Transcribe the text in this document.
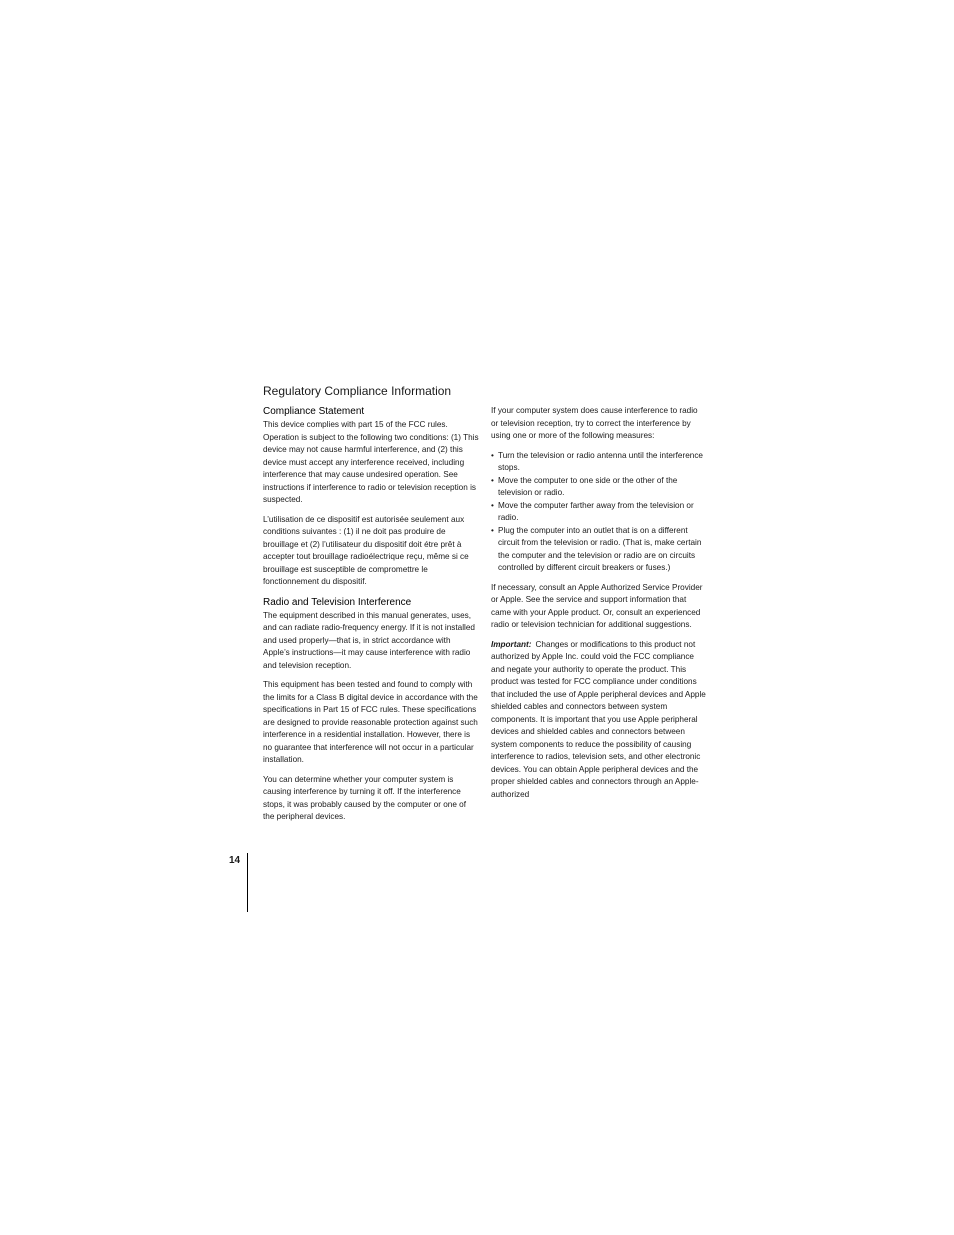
Regulatory Compliance Information
Compliance Statement

This device complies with part 15 of the FCC rules. Operation is subject to the following two conditions: (1) This device may not cause harmful interference, and (2) this device must accept any interference received, including interference that may cause undesired operation. See instructions if interference to radio or television reception is suspected.

L’utilisation de ce dispositif est autorisée seulement aux conditions suivantes : (1) il ne doit pas produire de brouillage et (2) l’utilisateur du dispositif doit étre prêt à accepter tout brouillage radioélectrique reçu, même si ce brouillage est susceptible de compromettre le fonctionnement du dispositif.

Radio and Television Interference

The equipment described in this manual generates, uses, and can radiate radio-frequency energy. If it is not installed and used properly—that is, in strict accordance with Apple’s instructions—it may cause interference with radio and television reception.

This equipment has been tested and found to comply with the limits for a Class B digital device in accordance with the specifications in Part 15 of FCC rules. These specifications are designed to provide reasonable protection against such interference in a residential installation. However, there is no guarantee that interference will not occur in a particular installation.

You can determine whether your computer system is causing interference by turning it off. If the interference stops, it was probably caused by the computer or one of the peripheral devices.

If your computer system does cause interference to radio or television reception, try to correct the interference by using one or more of the following measures:

• Turn the television or radio antenna until the interference stops.
• Move the computer to one side or the other of the television or radio.
• Move the computer farther away from the television or radio.
• Plug the computer into an outlet that is on a different circuit from the television or radio. (That is, make certain the computer and the television or radio are on circuits controlled by different circuit breakers or fuses.)

If necessary, consult an Apple Authorized Service Provider or Apple. See the service and support information that came with your Apple product. Or, consult an experienced radio or television technician for additional suggestions.

Important: Changes or modifications to this product not authorized by Apple Inc. could void the FCC compliance and negate your authority to operate the product. This product was tested for FCC compliance under conditions that included the use of Apple peripheral devices and Apple shielded cables and connectors between system components. It is important that you use Apple peripheral devices and shielded cables and connectors between system components to reduce the possibility of causing interference to radios, television sets, and other electronic devices. You can obtain Apple peripheral devices and the proper shielded cables and connectors through an Apple-authorized

14
